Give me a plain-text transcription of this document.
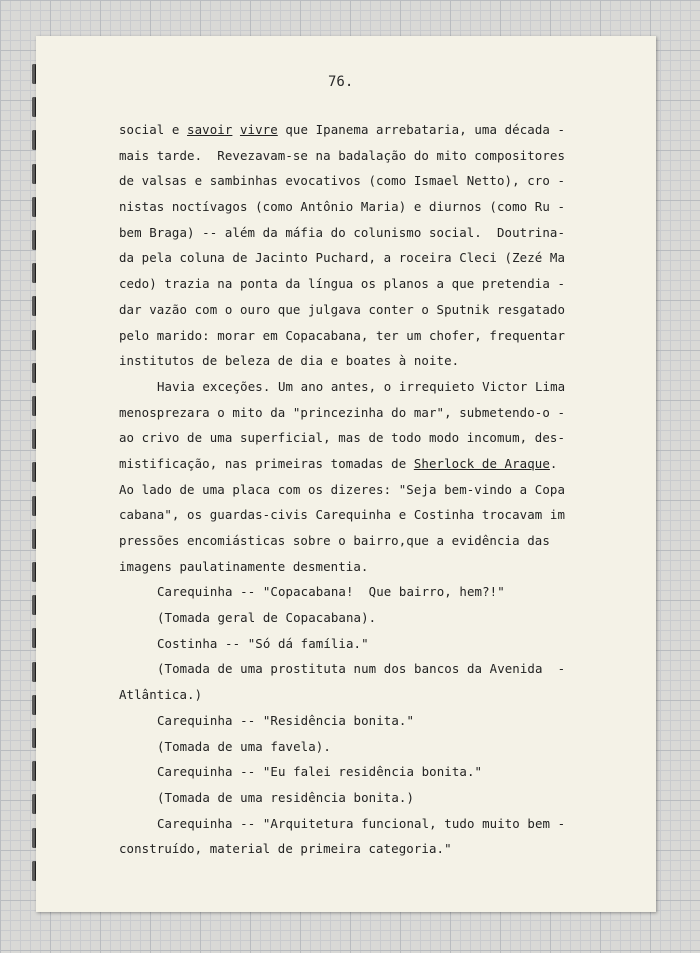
76.
social e savoir vivre que Ipanema arrebataria, uma década -
mais tarde.  Revezavam-se na badalação do mito compositores
de valsas e sambinhas evocativos (como Ismael Netto), cro -
nistas noctívagos (como Antônio Maria) e diurnos (como Ru -
bem Braga) -- além da máfia do colunismo social.  Doutrina-
da pela coluna de Jacinto Puchard, a roceira Cleci (Zezé Ma
cedo) trazia na ponta da língua os planos a que pretendia -
dar vazão com o ouro que julgava conter o Sputnik resgatado
pelo marido: morar em Copacabana, ter um chofer, frequentar
institutos de beleza de dia e boates à noite.
Havia exceções. Um ano antes, o irrequieto Victor Lima
menosprezara o mito da "princezinha do mar", submetendo-o -
ao crivo de uma superficial, mas de todo modo incomum, des-
mistificação, nas primeiras tomadas de Sherlock de Araque.
Ao lado de uma placa com os dizeres: "Seja bem-vindo a Copa
cabana", os guardas-civis Carequinha e Costinha trocavam im
pressões encomiásticas sobre o bairro,que a evidência das
imagens paulatinamente desmentia.
Carequinha -- "Copacabana!  Que bairro, hem?!"
(Tomada geral de Copacabana).
Costinha -- "Só dá família."
(Tomada de uma prostituta num dos bancos da Avenida  -
Atlântica.)
Carequinha -- "Residência bonita."
(Tomada de uma favela).
Carequinha -- "Eu falei residência bonita."
(Tomada de uma residência bonita.)
Carequinha -- "Arquitetura funcional, tudo muito bem -
construído, material de primeira categoria."
